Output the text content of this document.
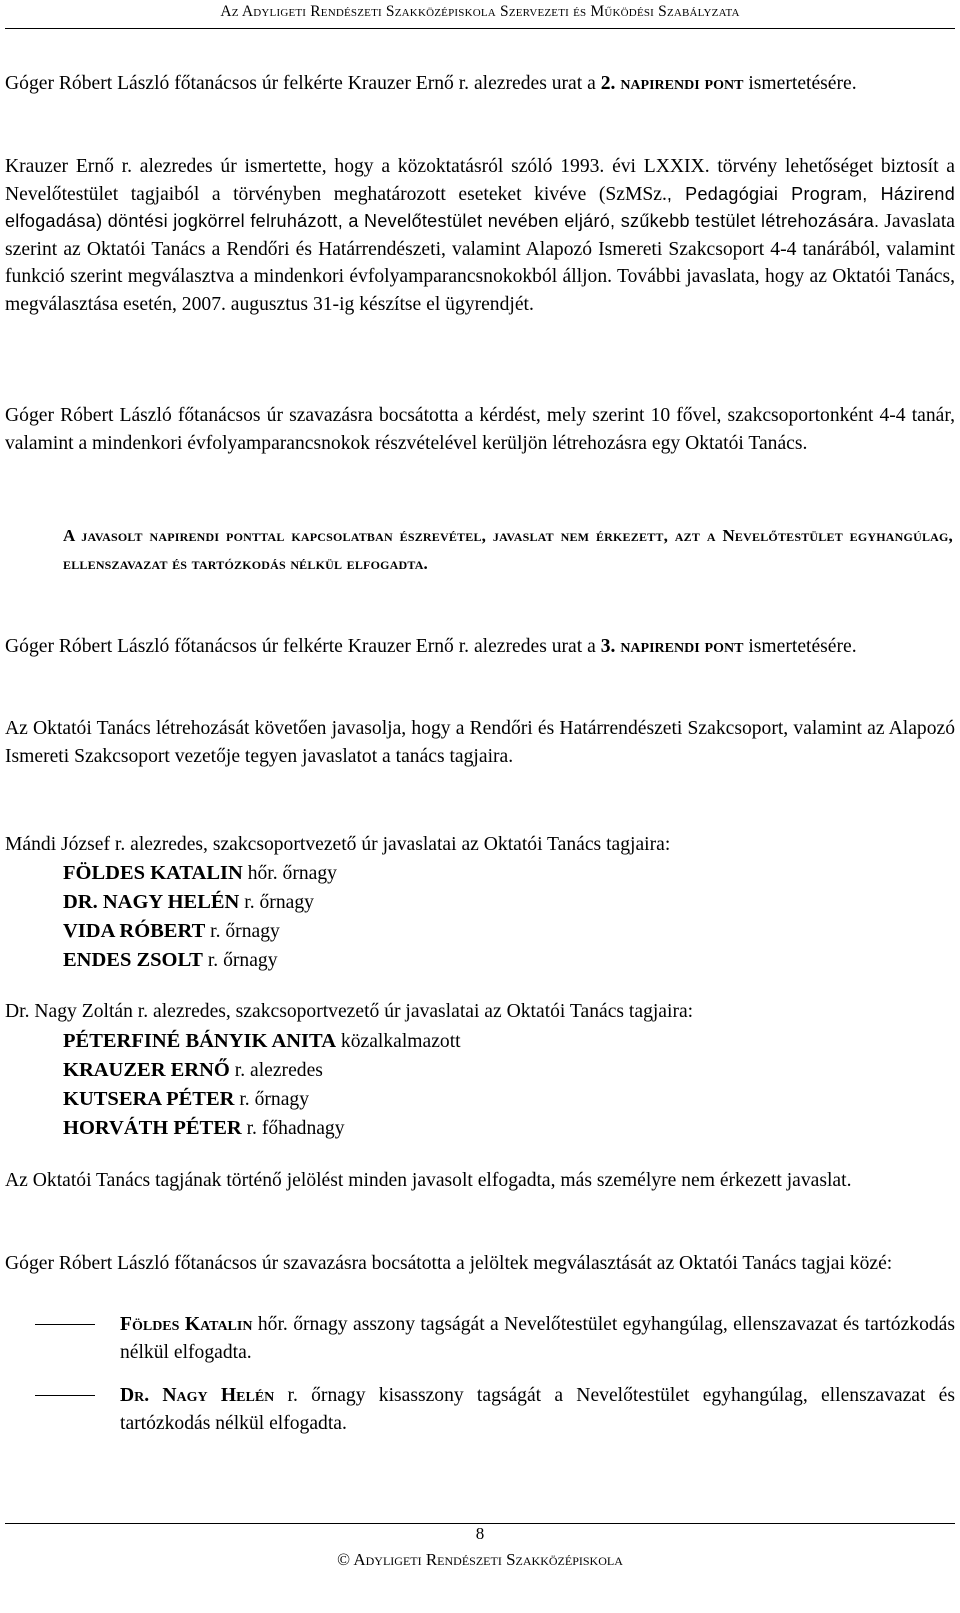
Az Adyligeti Rendészeti Szakközépiskola Szervezeti és Működési Szabályzata

Góger Róbert László főtanácsos úr felkérte Krauzer Ernő r. alezredes urat a 2. napirendi pont ismertetésére.

Krauzer Ernő r. alezredes úr ismertette, hogy a közoktatásról szóló 1993. évi LXXIX. törvény lehetőséget biztosít a Nevelőtestület tagjaiból a törvényben meghatározott eseteket kivéve (SzMSz., Pedagógiai Program, Házirend elfogadása) döntési jogkörrel felruházott, a Nevelőtestület nevében eljáró, szűkebb testület létrehozására. Javaslata szerint az Oktatói Tanács a Rendőri és Határrendészeti, valamint Alapozó Ismereti Szakcsoport 4-4 tanárából, valamint funkció szerint megválasztva a mindenkori évfolyamparancsnokokból álljon. További javaslata, hogy az Oktatói Tanács, megválasztása esetén, 2007. augusztus 31-ig készítse el ügyrendjét.

Góger Róbert László főtanácsos úr szavazásra bocsátotta a kérdést, mely szerint 10 fővel, szakcsoportonként 4-4 tanár, valamint a mindenkori évfolyamparancsnokok részvételével kerüljön létrehozásra egy Oktatói Tanács.

A javasolt napirendi ponttal kapcsolatban észrevétel, javaslat nem érkezett, azt a Nevelőtestület egyhangúlag, ellenszavazat és tartózkodás nélkül elfogadta.

Góger Róbert László főtanácsos úr felkérte Krauzer Ernő r. alezredes urat a 3. napirendi pont ismertetésére.

Az Oktatói Tanács létrehozását követően javasolja, hogy a Rendőri és Határrendészeti Szakcsoport, valamint az Alapozó Ismereti Szakcsoport vezetője tegyen javaslatot a tanács tagjaira.

Mándi József r. alezredes, szakcsoportvezető úr javaslatai az Oktatói Tanács tagjaira:

FÖLDES KATALIN hőr. őrnagy
DR. NAGY HELÉN r. őrnagy
VIDA RÓBERT r. őrnagy
ENDES ZSOLT r. őrnagy

Dr. Nagy Zoltán r. alezredes, szakcsoportvezető úr javaslatai az Oktatói Tanács tagjaira:

PÉTERFINÉ BÁNYIK ANITA közalkalmazott
KRAUZER ERNŐ r. alezredes
KUTSERA PÉTER r. őrnagy
HORVÁTH PÉTER r. főhadnagy

Az Oktatói Tanács tagjának történő jelölést minden javasolt elfogadta, más személyre nem érkezett javaslat.

Góger Róbert László főtanácsos úr szavazásra bocsátotta a jelöltek megválasztását az Oktatói Tanács tagjai közé:

Földes Katalin hőr. őrnagy asszony tagságát a Nevelőtestület egyhangúlag, ellenszavazat és tartózkodás nélkül elfogadta.
Dr. Nagy Helén r. őrnagy kisasszony tagságát a Nevelőtestület egyhangúlag, ellenszavazat és tartózkodás nélkül elfogadta.
8
© Adyligeti Rendészeti Szakközépiskola
